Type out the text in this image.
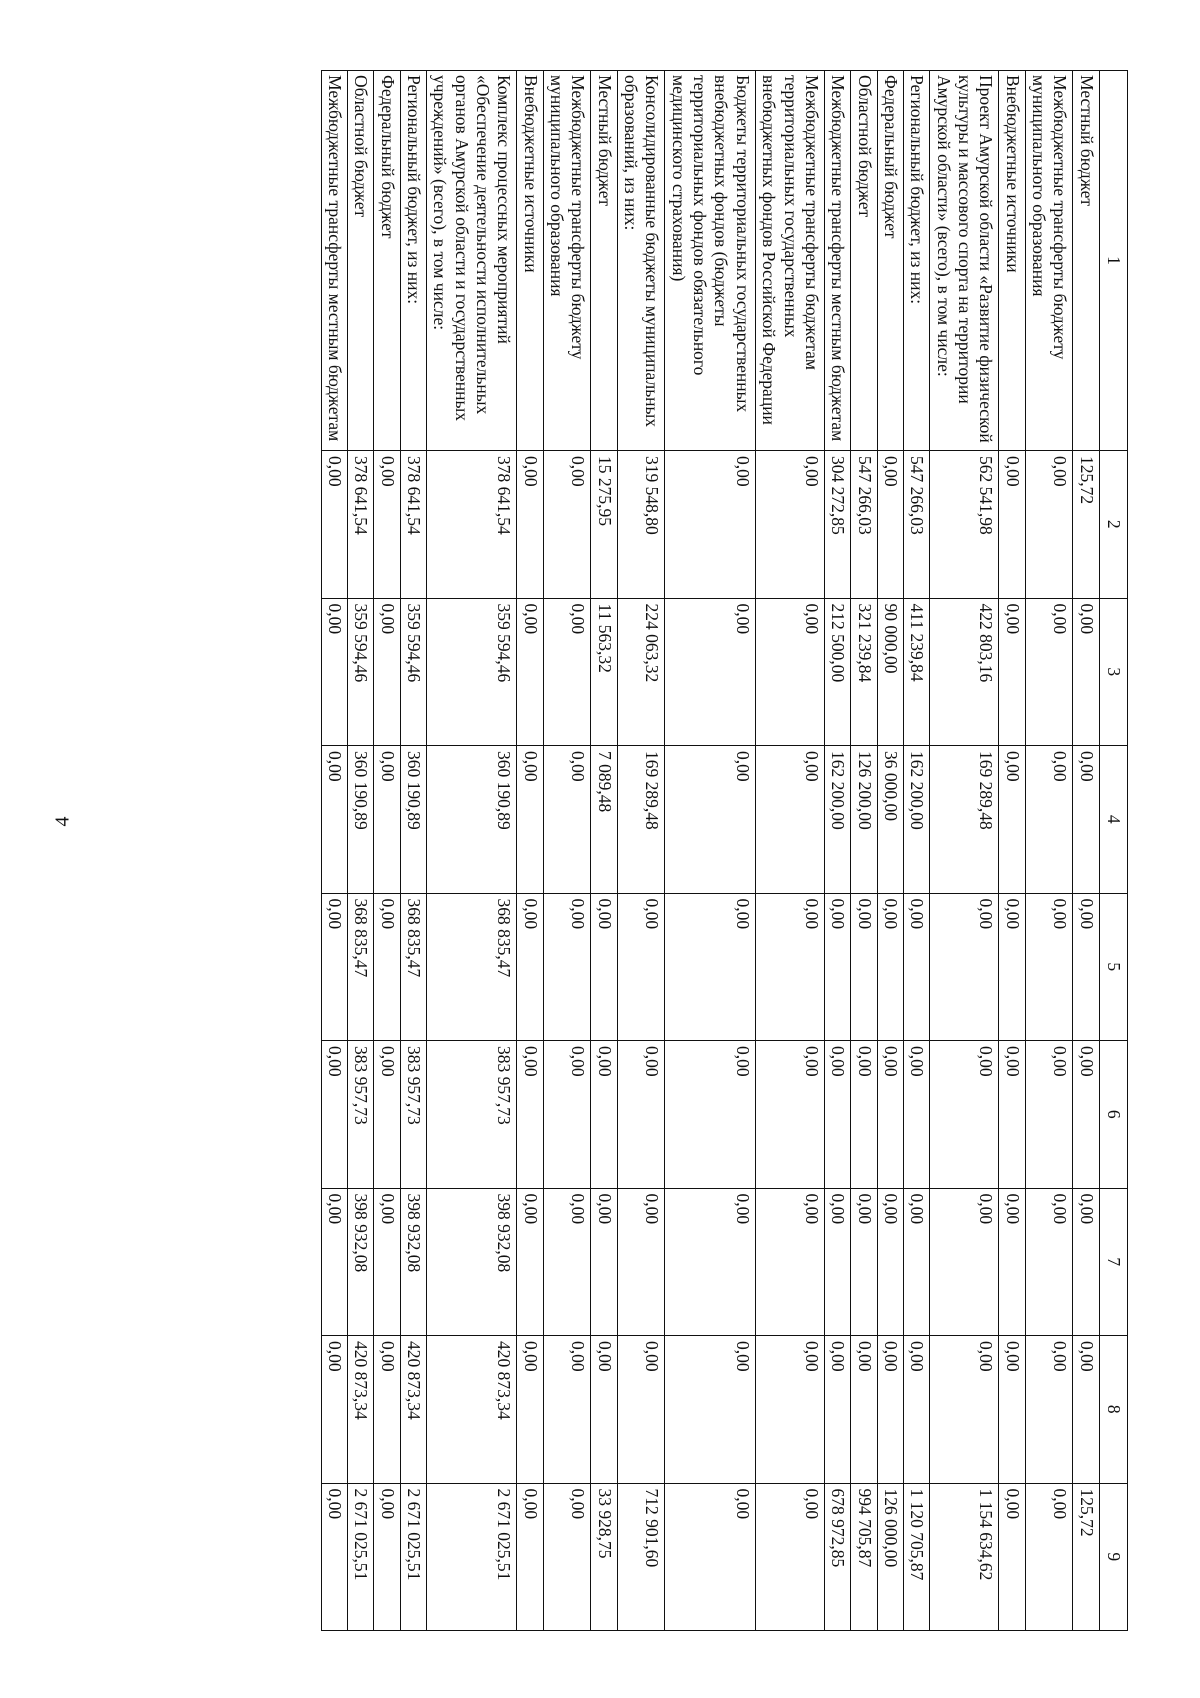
4
1	2	3	4	5	6	7	8	9
Местный бюджет	125,72	0,00	0,00	0,00	0,00	0,00	0,00	125,72
Межбюджетные трансферты бюджету муниципального образования	0,00	0,00	0,00	0,00	0,00	0,00	0,00	0,00
Внебюджетные источники	0,00	0,00	0,00	0,00	0,00	0,00	0,00	0,00
Проект Амурской области «Развитие физической культуры и массового спорта на территории Амурской области» (всего), в том числе:	562 541,98	422 803,16	169 289,48	0,00	0,00	0,00	0,00	1 154 634,62
Региональный бюджет, из них:	547 266,03	411 239,84	162 200,00	0,00	0,00	0,00	0,00	1 120 705,87
Федеральный бюджет	0,00	90 000,00	36 000,00	0,00	0,00	0,00	0,00	126 000,00
Областной бюджет	547 266,03	321 239,84	126 200,00	0,00	0,00	0,00	0,00	994 705,87
Межбюджетные трансферты местным бюджетам	304 272,85	212 500,00	162 200,00	0,00	0,00	0,00	0,00	678 972,85
Межбюджетные трансферты бюджетам территориальных государственных внебюджетных фондов Российской Федерации	0,00	0,00	0,00	0,00	0,00	0,00	0,00	0,00
Бюджеты территориальных государственных внебюджетных фондов (бюджеты территориальных фондов обязательного медицинского страхования)	0,00	0,00	0,00	0,00	0,00	0,00	0,00	0,00
Консолидированные бюджеты муниципальных образований, из них:	319 548,80	224 063,32	169 289,48	0,00	0,00	0,00	0,00	712 901,60
Местный бюджет	15 275,95	11 563,32	7 089,48	0,00	0,00	0,00	0,00	33 928,75
Межбюджетные трансферты бюджету муниципального образования	0,00	0,00	0,00	0,00	0,00	0,00	0,00	0,00
Внебюджетные источники	0,00	0,00	0,00	0,00	0,00	0,00	0,00	0,00
Комплекс процессных мероприятий «Обеспечение деятельности исполнительных органов Амурской области и государственных учреждений» (всего), в том числе:	378 641,54	359 594,46	360 190,89	368 835,47	383 957,73	398 932,08	420 873,34	2 671 025,51
Региональный бюджет, из них:	378 641,54	359 594,46	360 190,89	368 835,47	383 957,73	398 932,08	420 873,34	2 671 025,51
Федеральный бюджет	0,00	0,00	0,00	0,00	0,00	0,00	0,00	0,00
Областной бюджет	378 641,54	359 594,46	360 190,89	368 835,47	383 957,73	398 932,08	420 873,34	2 671 025,51
Межбюджетные трансферты местным бюджетам	0,00	0,00	0,00	0,00	0,00	0,00	0,00	0,00
